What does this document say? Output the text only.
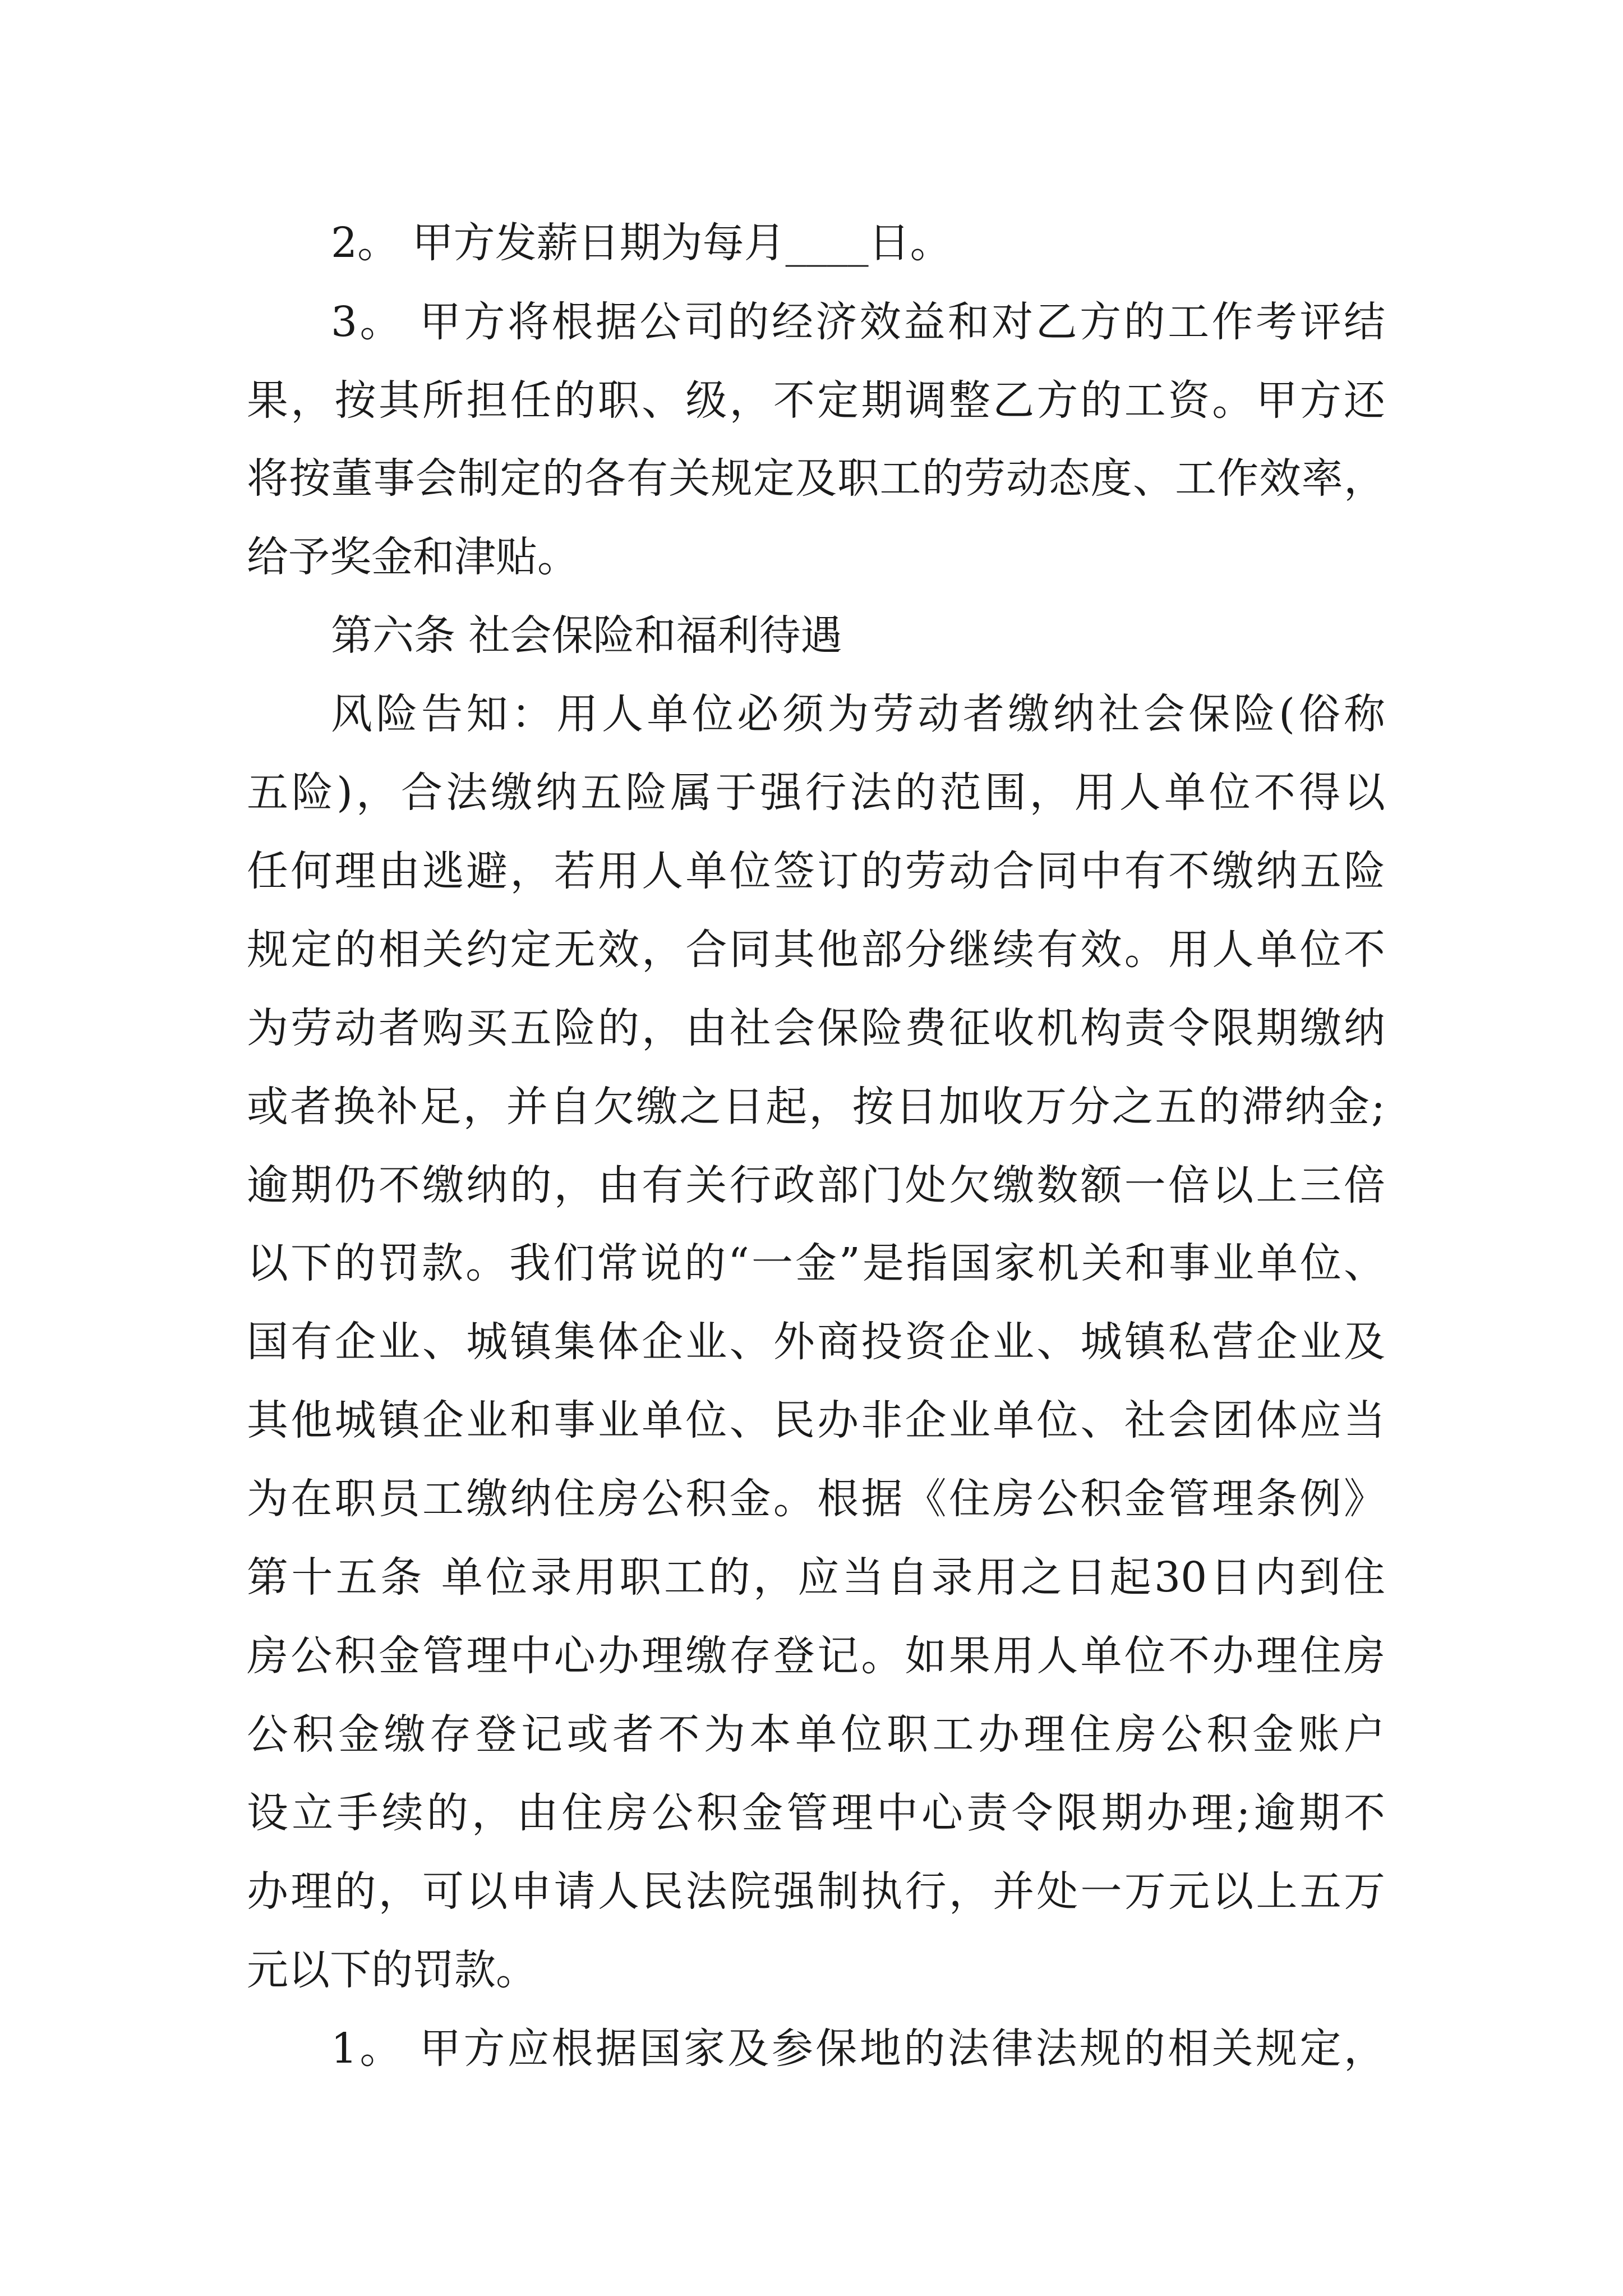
2。 甲方发薪日期为每月____日。
3。 甲方将根据公司的经济效益和对乙方的工作考评结
果，按其所担任的职、级，不定期调整乙方的工资。甲方还
将按董事会制定的各有关规定及职工的劳动态度、工作效率，
给予奖金和津贴。
第六条 社会保险和福利待遇
风险告知：用人单位必须为劳动者缴纳社会保险(俗称
五险)，合法缴纳五险属于强行法的范围，用人单位不得以
任何理由逃避，若用人单位签订的劳动合同中有不缴纳五险
规定的相关约定无效，合同其他部分继续有效。用人单位不
为劳动者购买五险的，由社会保险费征收机构责令限期缴纳
或者换补足，并自欠缴之日起，按日加收万分之五的滞纳金;
逾期仍不缴纳的，由有关行政部门处欠缴数额一倍以上三倍
以下的罚款。我们常说的“一金”是指国家机关和事业单位、
国有企业、城镇集体企业、外商投资企业、城镇私营企业及
其他城镇企业和事业单位、民办非企业单位、社会团体应当
为在职员工缴纳住房公积金。根据《住房公积金管理条例》
第十五条 单位录用职工的，应当自录用之日起30日内到住
房公积金管理中心办理缴存登记。如果用人单位不办理住房
公积金缴存登记或者不为本单位职工办理住房公积金账户
设立手续的，由住房公积金管理中心责令限期办理;逾期不
办理的，可以申请人民法院强制执行，并处一万元以上五万
元以下的罚款。
1。 甲方应根据国家及参保地的法律法规的相关规定，
